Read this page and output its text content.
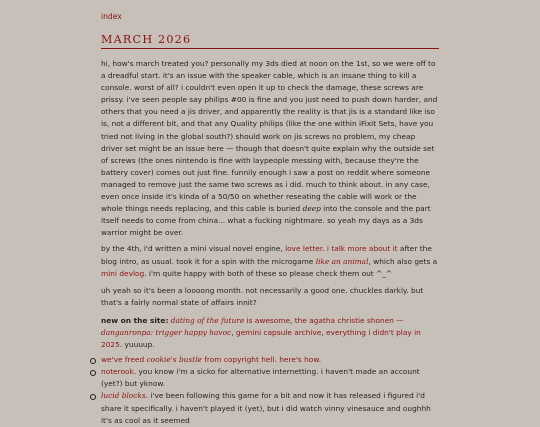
index
MARCH 2026

hi, how's march treated you? personally my 3ds died at noon on the 1st, so we were off to a dreadful start. it's an issue with the speaker cable, which is an insane thing to kill a console. worst of all? i couldn't even open it up to check the damage, these screws are prissy. i've seen people say philips #00 is fine and you just need to push down harder, and others that you need a jis driver, and apparently the reality is that jis is a standard like iso is, not a different bit, and that any Quality philips (like the one within iFixit Sets, have you tried not living in the global south?) should work on jis screws no problem, my cheap driver set might be an issue here — though that doesn't quite explain why the outside set of screws (the ones nintendo is fine with laypeople messing with, because they're the battery cover) comes out just fine. funnily enough i saw a post on reddit where someone managed to remove just the same two screws as i did. much to think about. in any case, even once inside it's kinda of a 50/50 on whether reseating the cable will work or the whole things needs replacing, and this cable is buried deep into the console and the part itself needs to come from china... what a fucking nightmare. so yeah my days as a 3ds warrior might be over.

by the 4th, i'd written a mini visual novel engine, love letter. i talk more about it after the blog intro, as usual. took it for a spin with the microgame like an animal, which also gets a mini devlog. i'm quite happy with both of these so please check them out ^_^

uh yeah so it's been a loooong month. not necessarily a good one. chuckles darkly. but that's a fairly normal state of affairs innit?

new on the site: dating of the future is awesome, the agatha christie shonen — danganronpa: trigger happy havoc, gemini capsule archive, everything i didn't play in 2025. yuuuup.

we've freed cookie's bustle from copyright hell. here's how.
noterook. you know i'm a sicko for alternative internetting. i haven't made an account (yet?) but yknow.
lucid blocks. i've been following this game for a bit and now it has released i figured i'd share it specifically. i haven't played it (yet), but i did watch vinny vinesauce and oughhh it's as cool as it seemed
